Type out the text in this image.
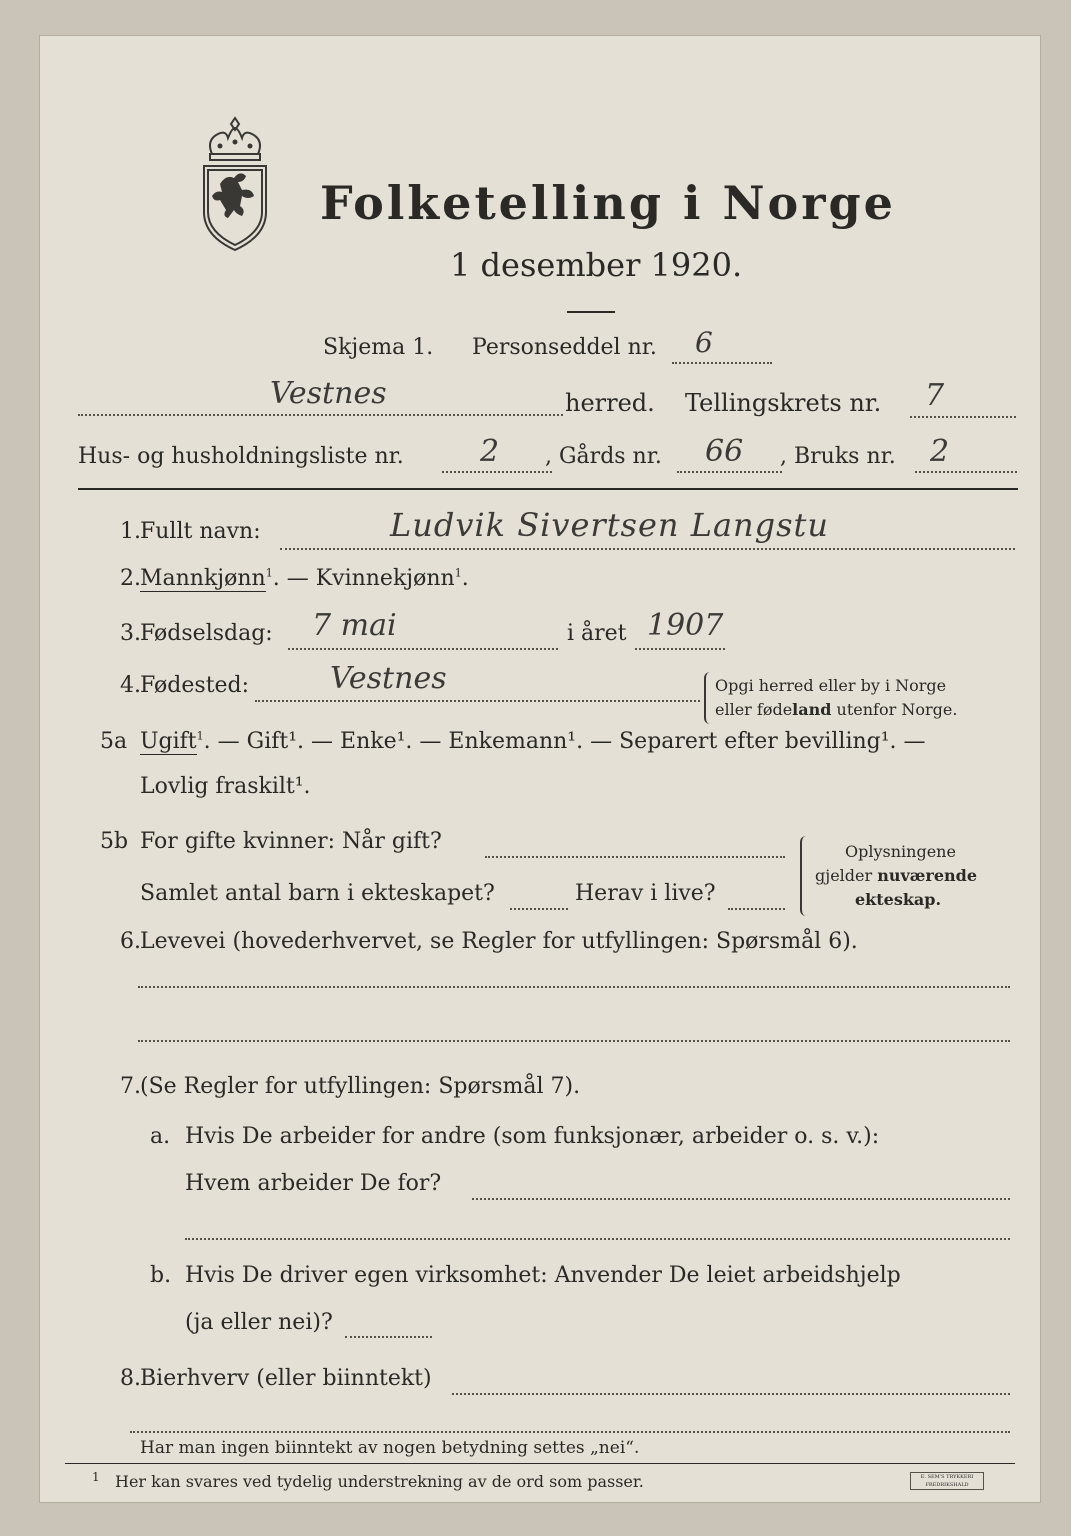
Folketelling i Norge
1 desember 1920.
Skjema 1. Personseddel nr. 6
Vestnes	herred. Tellingskrets nr. 7
Hus- og husholdningsliste nr.	2 , Gårds nr. 66 , Bruks nr. 2
1. Fullt navn:	Ludvik Sivertsen Langstu
2. Mannkjønn$^1$. — Kvinnekjønn$^1$.
3. Fødselsdag: 7 mai	i året 1907
4. Fødested:	Vestnes	Opgi herred eller by i Norge
eller fødeland utenfor Norge.
5a Ugift$^1$. — Gift¹. — Enke¹. — Enkemann¹. — Separert efter bevilling¹. —
Lovlig fraskilt¹.
5b For gifte kvinner: Når gift?
Samlet antal barn i ekteskapet?	Herav i live?
Oplysningene
gjelder nuværende
ekteskap.
6. Levevei (hovederhvervet, se Regler for utfyllingen: Spørsmål 6).
7. (Se Regler for utfyllingen: Spørsmål 7).
a. Hvis De arbeider for andre (som funksjonær, arbeider o. s. v.):
Hvem arbeider De for?
b. Hvis De driver egen virksomhet: Anvender De leiet arbeidshjelp
(ja eller nei)?
8. Bierhverv (eller biinntekt)
Har man ingen biinntekt av nogen betydning settes „nei“.
1 Her kan svares ved tydelig understrekning av de ord som passer.	E. SEM'S TRYKKERI FREDRIKSHALD
